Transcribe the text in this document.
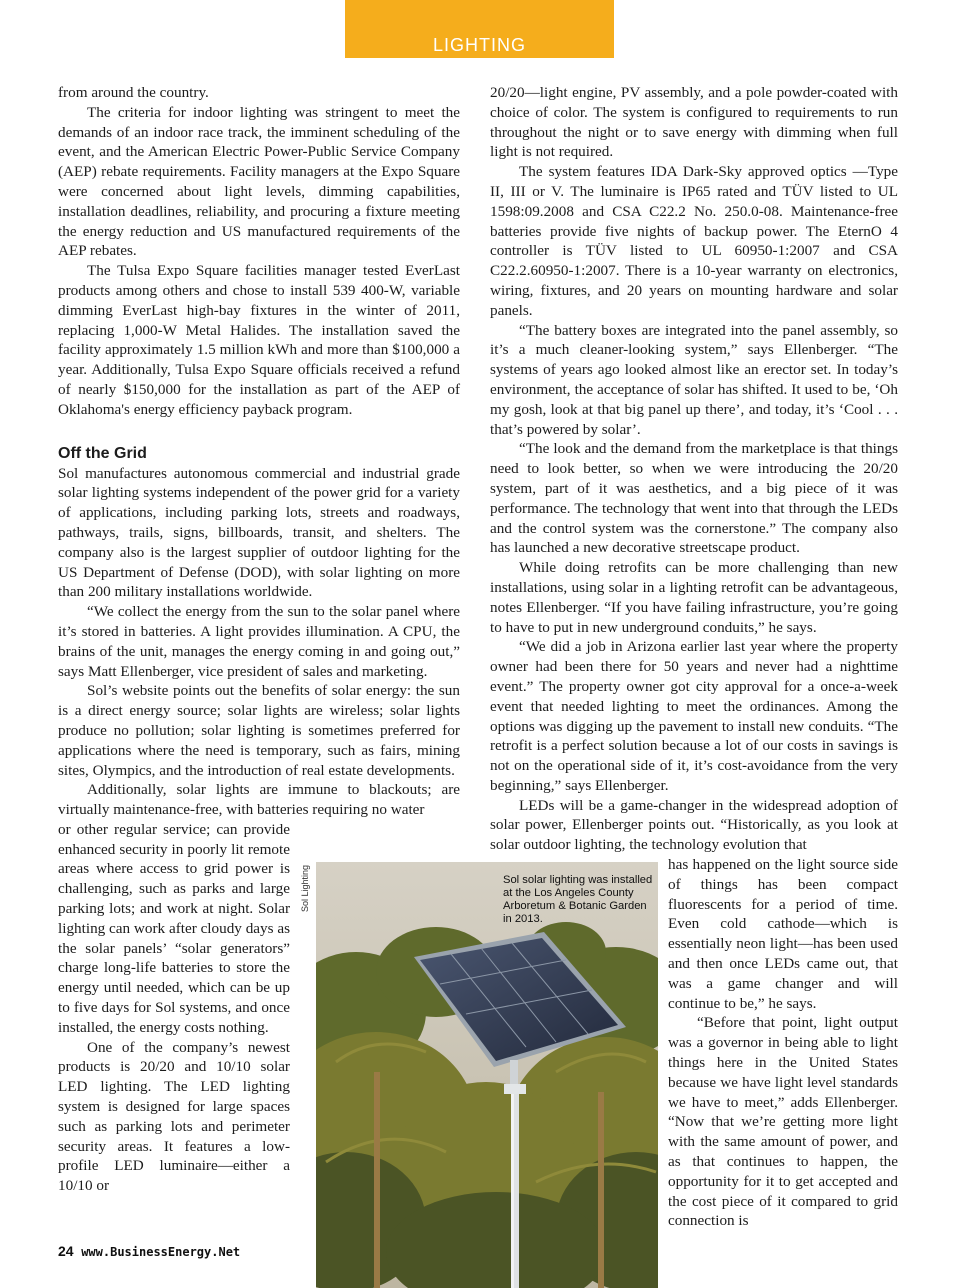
LIGHTING

from around the country.

The criteria for indoor lighting was stringent to meet the demands of an indoor race track, the imminent scheduling of the event, and the American Electric Power-Public Service Company (AEP) rebate requirements. Facility managers at the Expo Square were concerned about light levels, dimming capabilities, installation deadlines, reliability, and procuring a fixture meeting the energy reduction and US manufactured requirements of the AEP rebates.

The Tulsa Expo Square facilities manager tested EverLast products among others and chose to install 539 400-W, variable dimming EverLast high-bay fixtures in the winter of 2011, replacing 1,000-W Metal Halides. The installation saved the facility approximately 1.5 million kWh and more than $100,000 a year. Additionally, Tulsa Expo Square officials received a refund of nearly $150,000 for the installation as part of the AEP of Oklahoma's energy efficiency payback program.

Off the Grid

Sol manufactures autonomous commercial and industrial grade solar lighting systems independent of the power grid for a variety of applications, including parking lots, streets and roadways, pathways, trails, signs, billboards, transit, and shelters. The company also is the largest supplier of outdoor lighting for the US Department of Defense (DOD), with solar lighting on more than 200 military installations worldwide.

“We collect the energy from the sun to the solar panel where it’s stored in batteries. A light provides illumination. A CPU, the brains of the unit, manages the energy coming in and going out,” says Matt Ellenberger, vice president of sales and marketing.

Sol’s website points out the benefits of solar energy: the sun is a direct energy source; solar lights are wireless; solar lights produce no pollution; solar lighting is sometimes preferred for applications where the need is temporary, such as fairs, mining sites, Olympics, and the introduction of real estate developments.

Additionally, solar lights are immune to blackouts; are virtually maintenance-free, with batteries requiring no water

or other regular service; can provide enhanced security in poorly lit remote areas where access to grid power is challenging, such as parks and large parking lots; and work at night. Solar lighting can work after cloudy days as the solar panels’ “solar generators” charge long-life batteries to store the energy until needed, which can be up to five days for Sol systems, and once installed, the energy costs nothing.

One of the company’s newest products is 20/20 and 10/10 solar LED lighting. The LED lighting system is designed for large spaces such as parking lots and perimeter security areas. It features a low-profile LED luminaire—either a 10/10 or

20/20—light engine, PV assembly, and a pole powder-coated with choice of color. The system is configured to requirements to run throughout the night or to save energy with dimming when full light is not required.

The system features IDA Dark-Sky approved optics —Type II, III or V. The luminaire is IP65 rated and TÜV listed to UL 1598:09.2008 and CSA C22.2 No. 250.0-08. Maintenance-free batteries provide five nights of backup power. The EternO 4 controller is TÜV listed to UL 60950-1:2007 and CSA C22.2.60950-1:2007. There is a 10-year warranty on electronics, wiring, fixtures, and 20 years on mounting hardware and solar panels.

“The battery boxes are integrated into the panel assembly, so it’s a much cleaner-looking system,” says Ellenberger. “The systems of years ago looked almost like an erector set. In today’s environment, the acceptance of solar has shifted. It used to be, ‘Oh my gosh, look at that big panel up there’, and today, it’s ‘Cool . . . that’s powered by solar’.

“The look and the demand from the marketplace is that things need to look better, so when we were introducing the 20/20 system, part of it was aesthetics, and a big piece of it was performance. The technology that went into that through the LEDs and the control system was the cornerstone.” The company also has launched a new decorative streetscape product.

While doing retrofits can be more challenging than new installations, using solar in a lighting retrofit can be advantageous, notes Ellenberger. “If you have failing infrastructure, you’re going to have to put in new underground conduits,” he says.

“We did a job in Arizona earlier last year where the property owner had been there for 50 years and never had a nighttime event.” The property owner got city approval for a once-a-week event that needed lighting to meet the ordinances. Among the options was digging up the pavement to install new conduits. “The retrofit is a perfect solution because a lot of our costs in savings is not on the operational side of it, it’s cost-avoidance from the very beginning,” says Ellenberger.

LEDs will be a game-changer in the widespread adoption of solar power, Ellenberger points out. “Historically, as you look at solar outdoor lighting, the technology evolution that

has happened on the light source side of things has been compact fluorescents for a period of time. Even cold cathode—which is essentially neon light—has been used and then once LEDs came out, that was a game changer and will continue to be,” he says.

“Before that point, light output was a governor in being able to light things here in the United States because we have light level standards we have to meet,” adds Ellenberger. “Now that we’re getting more light with the same amount of power, and as that continues to happen, the opportunity for it to get accepted and the cost piece of it compared to grid connection is

Sol solar lighting was installed at the Los Angeles County Arboretum & Botanic Garden in 2013.
Sol Lighting
24 www.BusinessEnergy.Net
